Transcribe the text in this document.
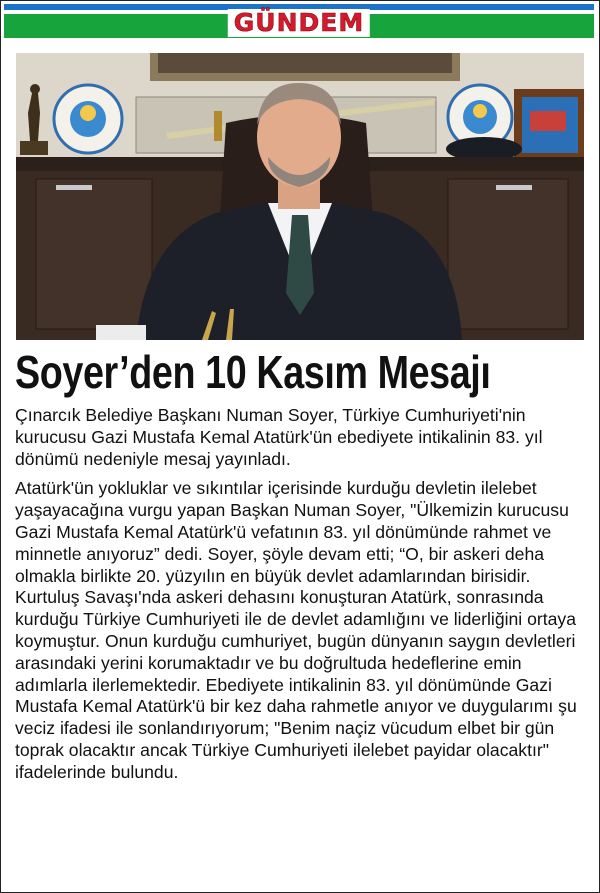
GÜNDEM
Soyer’den 10 Kasım Mesajı

Çınarcık Belediye Başkanı Numan Soyer, Türkiye Cumhuriyeti'nin kurucusu Gazi Mustafa Kemal Atatürk'ün ebediyete intikalinin 83. yıl dönümü nedeniyle mesaj yayınladı.

Atatürk'ün yokluklar ve sıkıntılar içerisinde kurduğu devletin ilelebet yaşayacağına vurgu yapan Başkan Numan Soyer, "Ülkemizin kurucusu Gazi Mustafa Kemal Atatürk'ü vefatının 83. yıl dönümünde rahmet ve minnetle anıyoruz” dedi. Soyer, şöyle devam etti; “O, bir askeri deha olmakla birlikte 20. yüzyılın en büyük devlet adamlarından birisidir. Kurtuluş Savaşı'nda askeri dehasını konuşturan Atatürk, sonrasında kurduğu Türkiye Cumhuriyeti ile de devlet adamlığını ve liderliğini ortaya koymuştur. Onun kurduğu cumhuriyet, bugün dünyanın saygın devletleri arasındaki yerini korumaktadır ve bu doğrultuda hedeflerine emin adımlarla ilerlemektedir. Ebediyete intikalinin 83. yıl dönümünde Gazi Mustafa Kemal Atatürk'ü bir kez daha rahmetle anıyor ve duygularımı şu veciz ifadesi ile sonlandırıyorum; "Benim naçiz vücudum elbet bir gün toprak olacaktır ancak Türkiye Cumhuriyeti ilelebet payidar olacaktır" ifadelerinde bulundu.
